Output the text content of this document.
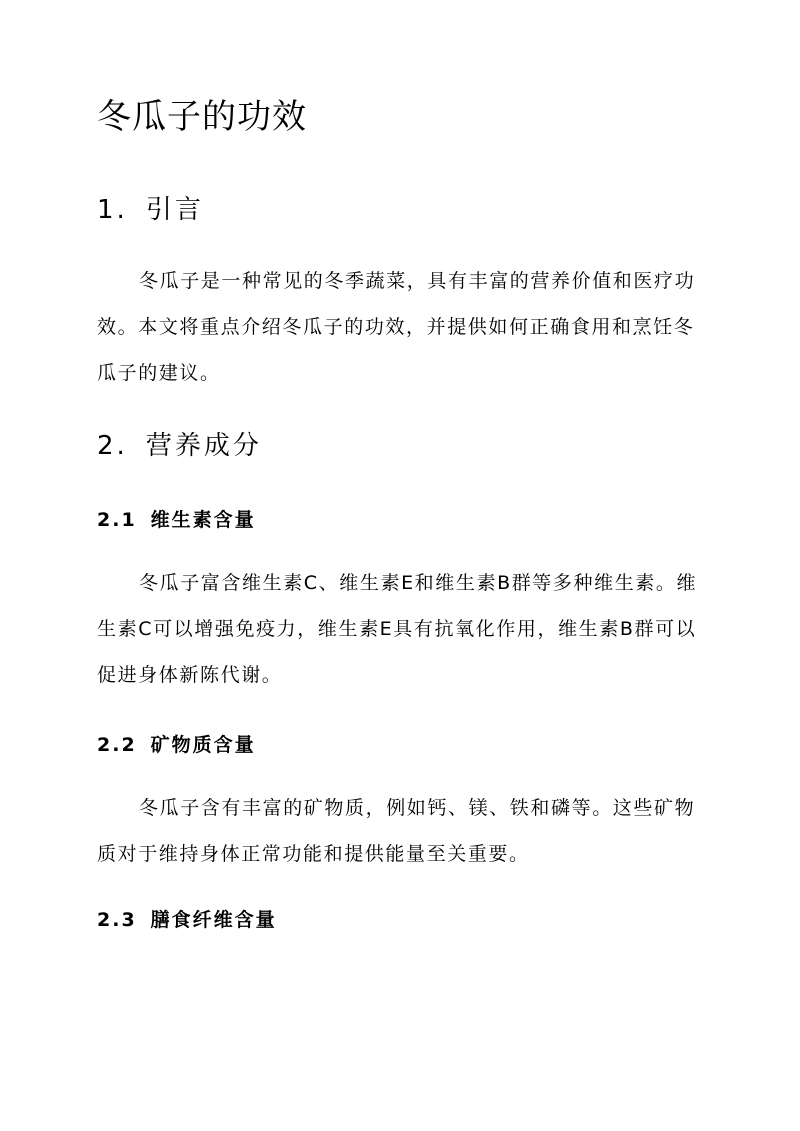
冬瓜子的功效
1. 引言
冬瓜子是一种常见的冬季蔬菜，具有丰富的营养价值和医疗功
效。本文将重点介绍冬瓜子的功效，并提供如何正确食用和烹饪冬
瓜子的建议。
2. 营养成分
2.1 维生素含量
冬瓜子富含维生素C、维生素E和维生素B群等多种维生素。维
生素C可以增强免疫力，维生素E具有抗氧化作用，维生素B群可以
促进身体新陈代谢。
2.2 矿物质含量
冬瓜子含有丰富的矿物质，例如钙、镁、铁和磷等。这些矿物
质对于维持身体正常功能和提供能量至关重要。
2.3 膳食纤维含量
